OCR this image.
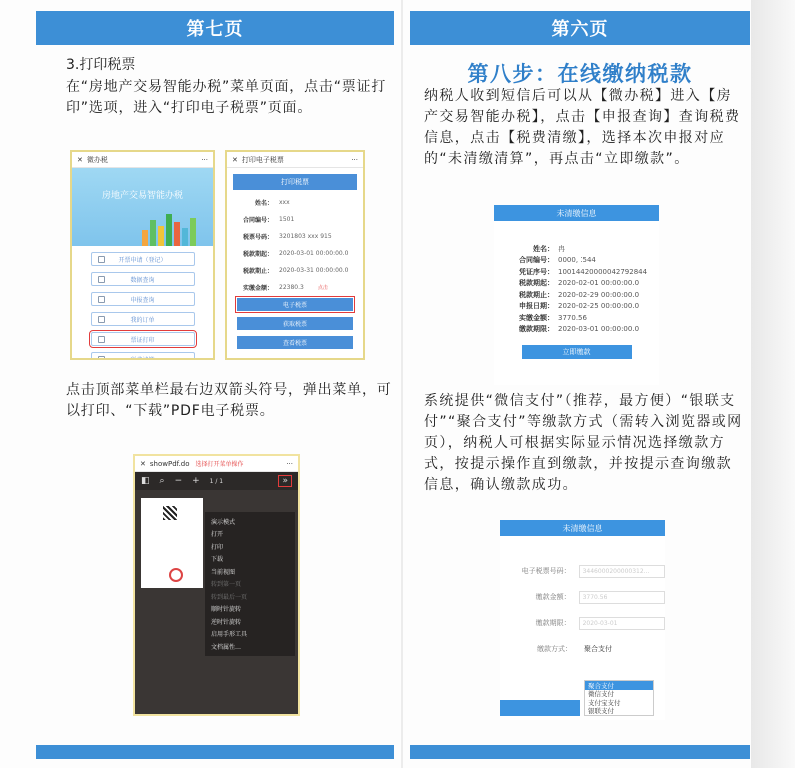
第七页
3.打印税票
在“房地产交易智能办税”菜单页面，点击“票证打印”选项，进入“打印电子税票”页面。
✕ 微办税	···
房地产交易智能办税
开票申请（登记）
数据查询
申报查询
我的订单
票证打印
税费清缴
✕ 打印电子税票	···
打印税票
姓名： xxx
合同编号： 1501
税票号码： 3201803 xxx 915
税款期起： 2020-03-01 00:00:00.0
税款期止： 2020-03-31 00:00:00.0
实缴金额： 22380.3	点击
电子税票
获取税票
查看税票
点击顶部菜单栏最右边双箭头符号，弹出菜单，可以打印、“下载”PDF电子税票。
✕ showPdf.do 选择打开菜单操作	···
◧ ⌕ − + 1 / 1	»
演示模式
打开
打印
下载
当前视图
转到第一页
转到最后一页
顺时针旋转
逆时针旋转
启用手形工具
文档属性…
第六页
第八步：在线缴纳税款
纳税人收到短信后可以从【微办税】进入【房产交易智能办税】，点击【申报查询】查询税费信息，点击【税费清缴】，选择本次申报对应的“未清缴清算”，再点击“立即缴款”。
未清缴信息
姓名： 冉
合同编号： 0000, ⁚544
凭证序号： 10014420000042792844
税款期起： 2020-02-01 00:00:00.0
税款期止： 2020-02-29 00:00:00.0
申报日期： 2020-02-25 00:00:00.0
实缴金额： 3770.56
缴款期限： 2020-03-01 00:00:00.0
立即缴款
系统提供“微信支付”（推荐，最方便）“银联支付”“聚合支付”等缴款方式（需转入浏览器或网页），纳税人可根据实际显示情况选择缴款方式，按提示操作直到缴款，并按提示查询缴款信息，确认缴款成功。
未清缴信息
电子税票号码：	3446000200000312...
缴款金额：	3770.56
缴款期限：	2020-03-01
缴款方式：	聚合支付
聚合支付
微信支付
支付宝支付
银联支付
